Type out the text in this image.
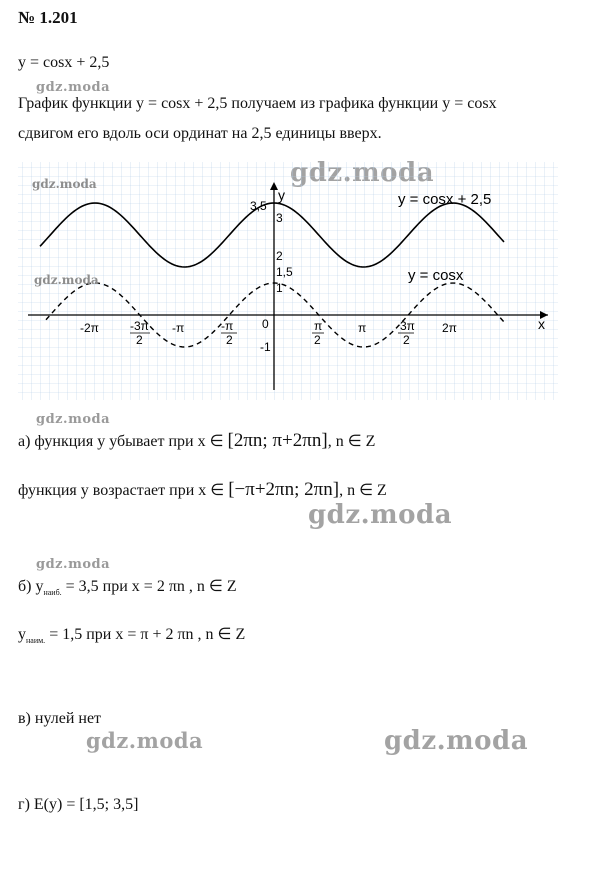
№ 1.201
y = cosx + 2,5
gdz.moda
График функции y = cosx + 2,5 получаем из графика функции y = cosx
сдвигом его вдоль оси ординат на 2,5 единицы вверх.
x
y
0
3,5
3
2
1,5
1
-1
-2π	-3π
2
-π	-π
2
π
2
π	3π
2
2π
y = cosx + 2,5
y = cosx
gdz.moda
gdz.moda
gdz.moda
а) функция y убывает при x ∈ [2πn; π+2πn], n ∈ Z
функция y возрастает при x ∈ [−π+2πn; 2πn], n ∈ Z
gdz.moda
gdz.moda
б) $y_{наиб.} = 3,5$ при x = 2 πn , n ∈ Z
$y_{наим.} = 1,5$ при x = π + 2 πn , n ∈ Z
в) нулей нет
gdz.moda	gdz.moda
г) E(y) = [1,5; 3,5]
